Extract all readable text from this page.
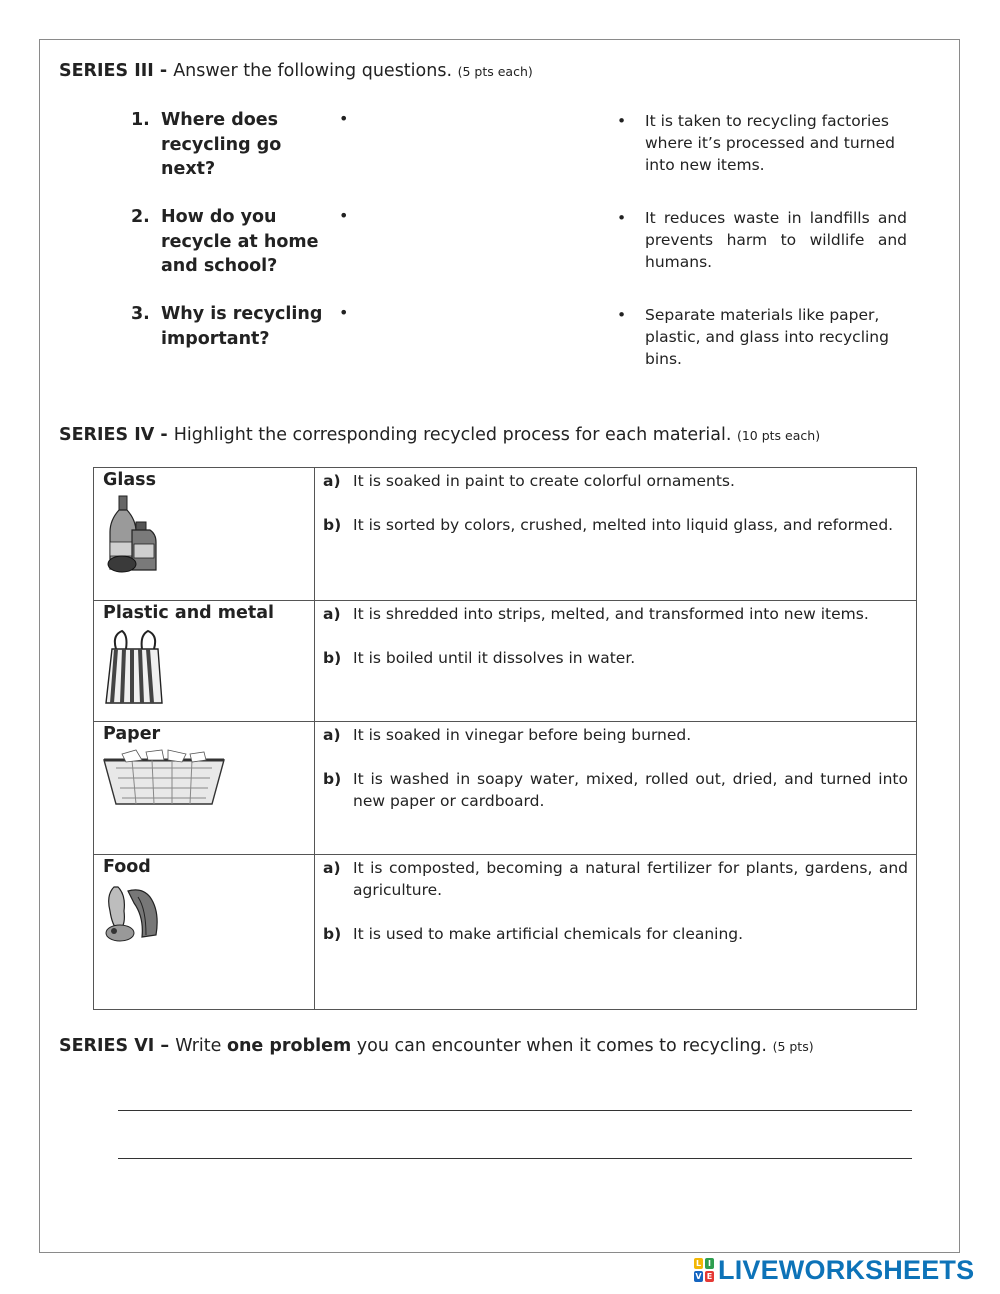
SERIES III - Answer the following questions. (5 pts each)
1. Where does recycling go next?
•	• It is taken to recycling factories where it’s processed and turned into new items.
2. How do you recycle at home and school?
•	• It reduces waste in landfills and prevents harm to wildlife and humans.
3. Why is recycling important?
•	• Separate materials like paper, plastic, and glass into recycling bins.
SERIES IV - Highlight the corresponding recycled process for each material. (10 pts each)
Glass	a) It is soaked in paint to create colorful ornaments.
b) It is sorted by colors, crushed, melted into liquid glass, and reformed.

Plastic and metal	a) It is shredded into strips, melted, and transformed into new items.
b) It is boiled until it dissolves in water.

Paper	a) It is soaked in vinegar before being burned.
b) It is washed in soapy water, mixed, rolled out, dried, and turned into new paper or cardboard.

Food	a) It is composted, becoming a natural fertilizer for plants, gardens, and agriculture.
b) It is used to make artificial chemicals for cleaning.
SERIES VI – Write one problem you can encounter when it comes to recycling. (5 pts)
L I
V E LIVEWORKSHEETS
